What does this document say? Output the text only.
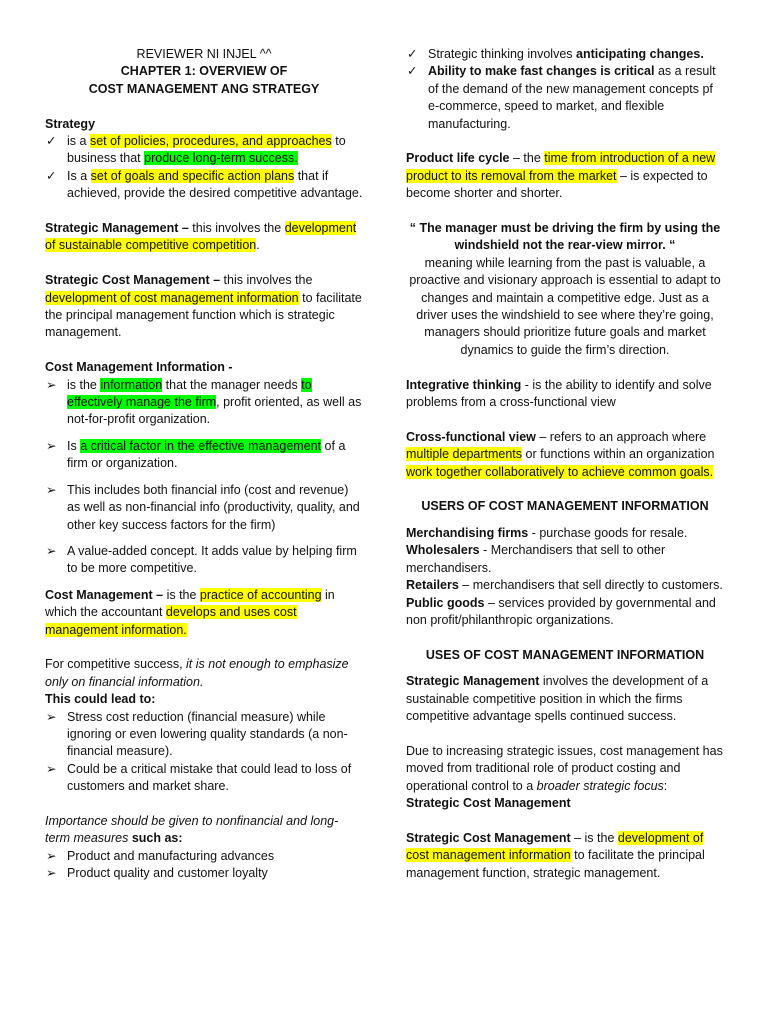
REVIEWER NI INJEL ^^

CHAPTER 1: OVERVIEW OF

COST MANAGEMENT ANG STRATEGY

Strategy

✓ is a set of policies, procedures, and approaches to business that produce long-term success.
✓ Is a set of goals and specific action plans that if achieved, provide the desired competitive advantage.

Strategic Management – this involves the development of sustainable competitive competition.

Strategic Cost Management – this involves the development of cost management information to facilitate the principal management function which is strategic management.

Cost Management Information -

➢ is the information that the manager needs to effectively manage the firm, profit oriented, as well as not-for-profit organization.
➢ Is a critical factor in the effective management of a firm or organization.
➢ This includes both financial info (cost and revenue) as well as non-financial info (productivity, quality, and other key success factors for the firm)
➢ A value-added concept. It adds value by helping firm to be more competitive.

Cost Management – is the practice of accounting in which the accountant develops and uses cost management information.

For competitive success, it is not enough to emphasize only on financial information.

This could lead to:

➢ Stress cost reduction (financial measure) while ignoring or even lowering quality standards (a non-financial measure).
➢ Could be a critical mistake that could lead to loss of customers and market share.

Importance should be given to nonfinancial and long-term measures such as:

➢ Product and manufacturing advances
➢ Product quality and customer loyalty
✓ Strategic thinking involves anticipating changes.
✓ Ability to make fast changes is critical as a result of the demand of the new management concepts pf e-commerce, speed to market, and flexible manufacturing.

Product life cycle – the time from introduction of a new product to its removal from the market – is expected to become shorter and shorter.

“ The manager must be driving the firm by using the windshield not the rear-view mirror. “

meaning while learning from the past is valuable, a proactive and visionary approach is essential to adapt to changes and maintain a competitive edge. Just as a driver uses the windshield to see where they’re going, managers should prioritize future goals and market dynamics to guide the firm’s direction.

Integrative thinking - is the ability to identify and solve problems from a cross-functional view

Cross-functional view – refers to an approach where multiple departments or functions within an organization work together collaboratively to achieve common goals.

USERS OF COST MANAGEMENT INFORMATION

Merchandising firms - purchase goods for resale.

Wholesalers - Merchandisers that sell to other merchandisers.

Retailers – merchandisers that sell directly to customers.

Public goods – services provided by governmental and non profit/philanthropic organizations.

USES OF COST MANAGEMENT INFORMATION

Strategic Management involves the development of a sustainable competitive position in which the firms competitive advantage spells continued success.

Due to increasing strategic issues, cost management has moved from traditional role of product costing and operational control to a broader strategic focus:

Strategic Cost Management

Strategic Cost Management – is the development of cost management information to facilitate the principal management function, strategic management.
